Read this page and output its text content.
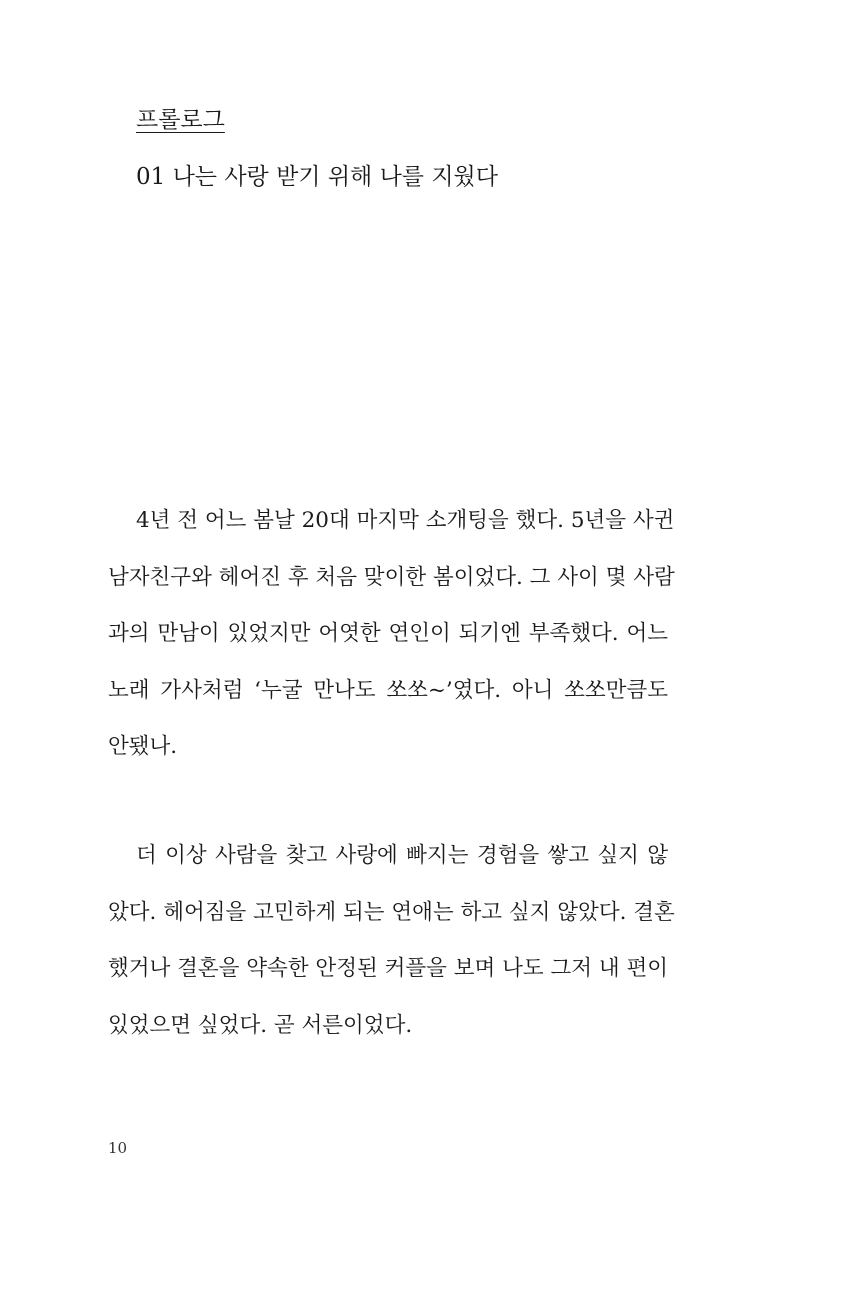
프롤로그
01 나는 사랑 받기 위해 나를 지웠다
4년 전 어느 봄날 20대 마지막 소개팅을 했다. 5년을 사귄
남자친구와 헤어진 후 처음 맞이한 봄이었다. 그 사이 몇 사람
과의 만남이 있었지만 어엿한 연인이 되기엔 부족했다. 어느
노래 가사처럼 ‘누굴 만나도 쏘쏘~’였다. 아니 쏘쏘만큼도
안됐나.
더 이상 사람을 찾고 사랑에 빠지는 경험을 쌓고 싶지 않
았다. 헤어짐을 고민하게 되는 연애는 하고 싶지 않았다. 결혼
했거나 결혼을 약속한 안정된 커플을 보며 나도 그저 내 편이
있었으면 싶었다. 곧 서른이었다.
10
